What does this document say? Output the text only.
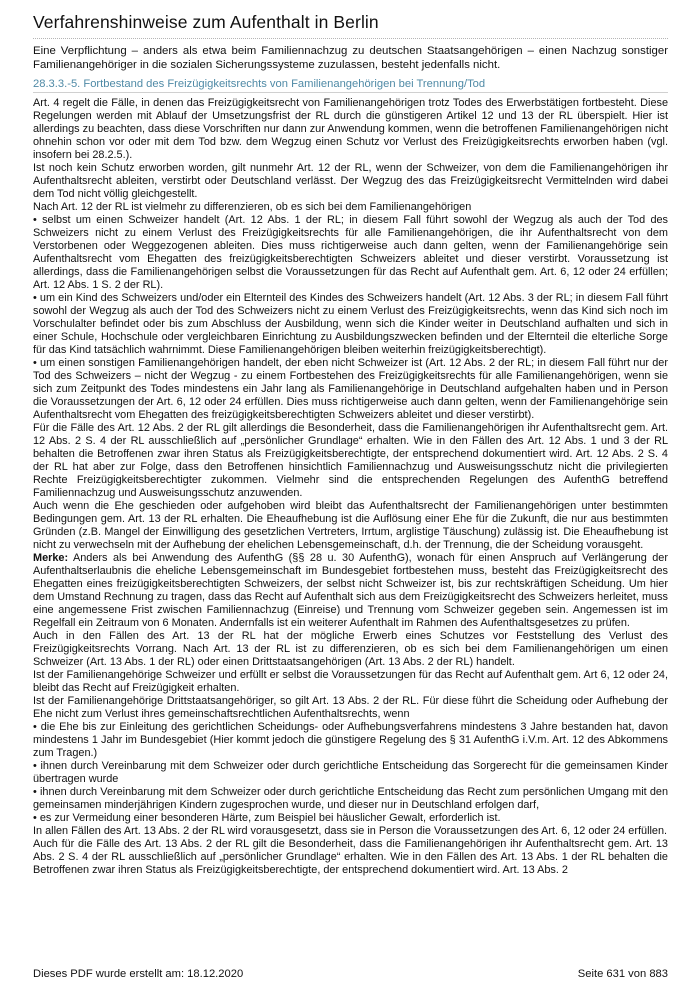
Verfahrenshinweise zum Aufenthalt in Berlin
Eine Verpflichtung – anders als etwa beim Familiennachzug zu deutschen Staatsangehörigen – einen Nachzug sonstiger Familienangehöriger in die sozialen Sicherungssysteme zuzulassen, besteht jedenfalls nicht.
28.3.3.-5. Fortbestand des Freizügigkeitsrechts von Familienangehörigen bei Trennung/Tod

Art. 4 regelt die Fälle, in denen das Freizügigkeitsrecht von Familienangehörigen trotz Todes des Erwerbstätigen fortbesteht. Diese Regelungen werden mit Ablauf der Umsetzungsfrist der RL durch die günstigeren Artikel 12 und 13 der RL überspielt. Hier ist allerdings zu beachten, dass diese Vorschriften nur dann zur Anwendung kommen, wenn die betroffenen Familienangehörigen nicht ohnehin schon vor oder mit dem Tod bzw. dem Wegzug einen Schutz vor Verlust des Freizügigkeitsrechts erworben haben (vgl. insofern bei 28.2.5.).

Ist noch kein Schutz erworben worden, gilt nunmehr Art. 12 der RL, wenn der Schweizer, von dem die Familienangehörigen ihr Aufenthaltsrecht ableiten, verstirbt oder Deutschland verlässt. Der Wegzug des das Freizügigkeitsrecht Vermittelnden wird dabei dem Tod nicht völlig gleichgestellt.

Nach Art. 12 der RL ist vielmehr zu differenzieren, ob es sich bei dem Familienangehörigen

• selbst um einen Schweizer handelt (Art. 12 Abs. 1 der RL; in diesem Fall führt sowohl der Wegzug als auch der Tod des Schweizers nicht zu einem Verlust des Freizügigkeitsrechts für alle Familienangehörigen, die ihr Aufenthaltsrecht von dem Verstorbenen oder Weggezogenen ableiten. Dies muss richtigerweise auch dann gelten, wenn der Familienangehörige sein Aufenthaltsrecht vom Ehegatten des freizügigkeitsberechtigten Schweizers ableitet und dieser verstirbt. Voraussetzung ist allerdings, dass die Familienangehörigen selbst die Voraussetzungen für das Recht auf Aufenthalt gem. Art. 6, 12 oder 24 erfüllen; Art. 12 Abs. 1 S. 2 der RL).

• um ein Kind des Schweizers und/oder ein Elternteil des Kindes des Schweizers handelt (Art. 12 Abs. 3 der RL; in diesem Fall führt sowohl der Wegzug als auch der Tod des Schweizers nicht zu einem Verlust des Freizügigkeitsrechts, wenn das Kind sich noch im Vorschulalter befindet oder bis zum Abschluss der Ausbildung, wenn sich die Kinder weiter in Deutschland aufhalten und sich in einer Schule, Hochschule oder vergleichbaren Einrichtung zu Ausbildungszwecken befinden und der Elternteil die elterliche Sorge für das Kind tatsächlich wahrnimmt. Diese Familienangehörigen bleiben weiterhin freizügigkeitsberechtigt).

• um einen sonstigen Familienangehörigen handelt, der eben nicht Schweizer ist (Art. 12 Abs. 2 der RL; in diesem Fall führt nur der Tod des Schweizers – nicht der Wegzug - zu einem Fortbestehen des Freizügigkeitsrechts für alle Familienangehörigen, wenn sie sich zum Zeitpunkt des Todes mindestens ein Jahr lang als Familienangehörige in Deutschland aufgehalten haben und in Person die Voraussetzungen der Art. 6, 12 oder 24 erfüllen. Dies muss richtigerweise auch dann gelten, wenn der Familienangehörige sein Aufenthaltsrecht vom Ehegatten des freizügigkeitsberechtigten Schweizers ableitet und dieser verstirbt).

Für die Fälle des Art. 12 Abs. 2 der RL gilt allerdings die Besonderheit, dass die Familienangehörigen ihr Aufenthaltsrecht gem. Art. 12 Abs. 2 S. 4 der RL ausschließlich auf „persönlicher Grundlage“ erhalten. Wie in den Fällen des Art. 12 Abs. 1 und 3 der RL behalten die Betroffenen zwar ihren Status als Freizügigkeitsberechtigte, der entsprechend dokumentiert wird. Art. 12 Abs. 2 S. 4 der RL hat aber zur Folge, dass den Betroffenen hinsichtlich Familiennachzug und Ausweisungsschutz nicht die privilegierten Rechte Freizügigkeitsberechtigter zukommen. Vielmehr sind die entsprechenden Regelungen des AufenthG betreffend Familiennachzug und Ausweisungsschutz anzuwenden.

Auch wenn die Ehe geschieden oder aufgehoben wird bleibt das Aufenthaltsrecht der Familienangehörigen unter bestimmten Bedingungen gem. Art. 13 der RL erhalten. Die Eheaufhebung ist die Auflösung einer Ehe für die Zukunft, die nur aus bestimmten Gründen (z.B. Mangel der Einwilligung des gesetzlichen Vertreters, Irrtum, arglistige Täuschung) zulässig ist. Die Eheaufhebung ist nicht zu verwechseln mit der Aufhebung der ehelichen Lebensgemeinschaft, d.h. der Trennung, die der Scheidung vorausgeht.

Merke: Anders als bei Anwendung des AufenthG (§§ 28 u. 30 AufenthG), wonach für einen Anspruch auf Verlängerung der Aufenthaltserlaubnis die eheliche Lebensgemeinschaft im Bundesgebiet fortbestehen muss, besteht das Freizügigkeitsrecht des Ehegatten eines freizügigkeitsberechtigten Schweizers, der selbst nicht Schweizer ist, bis zur rechtskräftigen Scheidung. Um hier dem Umstand Rechnung zu tragen, dass das Recht auf Aufenthalt sich aus dem Freizügigkeitsrecht des Schweizers herleitet, muss eine angemessene Frist zwischen Familiennachzug (Einreise) und Trennung vom Schweizer gegeben sein. Angemessen ist im Regelfall ein Zeitraum von 6 Monaten. Andernfalls ist ein weiterer Aufenthalt im Rahmen des Aufenthaltsgesetzes zu prüfen.

Auch in den Fällen des Art. 13 der RL hat der mögliche Erwerb eines Schutzes vor Feststellung des Verlust des Freizügigkeitsrechts Vorrang. Nach Art. 13 der RL ist zu differenzieren, ob es sich bei dem Familienangehörigen um einen Schweizer (Art. 13 Abs. 1 der RL) oder einen Drittstaatsangehörigen (Art. 13 Abs. 2 der RL) handelt.

Ist der Familienangehörige Schweizer und erfüllt er selbst die Voraussetzungen für das Recht auf Aufenthalt gem. Art 6, 12 oder 24, bleibt das Recht auf Freizügigkeit erhalten.

Ist der Familienangehörige Drittstaatsangehöriger, so gilt Art. 13 Abs. 2 der RL. Für diese führt die Scheidung oder Aufhebung der Ehe nicht zum Verlust ihres gemeinschaftsrechtlichen Aufenthaltsrechts, wenn

• die Ehe bis zur Einleitung des gerichtlichen Scheidungs- oder Aufhebungsverfahrens mindestens 3 Jahre bestanden hat, davon mindestens 1 Jahr im Bundesgebiet (Hier kommt jedoch die günstigere Regelung des § 31 AufenthG i.V.m. Art. 12 des Abkommens zum Tragen.)

• ihnen durch Vereinbarung mit dem Schweizer oder durch gerichtliche Entscheidung das Sorgerecht für die gemeinsamen Kinder übertragen wurde

• ihnen durch Vereinbarung mit dem Schweizer oder durch gerichtliche Entscheidung das Recht zum persönlichen Umgang mit den gemeinsamen minderjährigen Kindern zugesprochen wurde, und dieser nur in Deutschland erfolgen darf,

• es zur Vermeidung einer besonderen Härte, zum Beispiel bei häuslicher Gewalt, erforderlich ist.

In allen Fällen des Art. 13 Abs. 2 der RL wird vorausgesetzt, dass sie in Person die Voraussetzungen des Art. 6, 12 oder 24 erfüllen.

Auch für die Fälle des Art. 13 Abs. 2 der RL gilt die Besonderheit, dass die Familienangehörigen ihr Aufenthaltsrecht gem. Art. 13 Abs. 2 S. 4 der RL ausschließlich auf „persönlicher Grundlage“ erhalten. Wie in den Fällen des Art. 13 Abs. 1 der RL behalten die Betroffenen zwar ihren Status als Freizügigkeitsberechtigte, der entsprechend dokumentiert wird. Art. 13 Abs. 2

Dieses PDF wurde erstellt am: 18.12.2020	Seite 631 von 883
